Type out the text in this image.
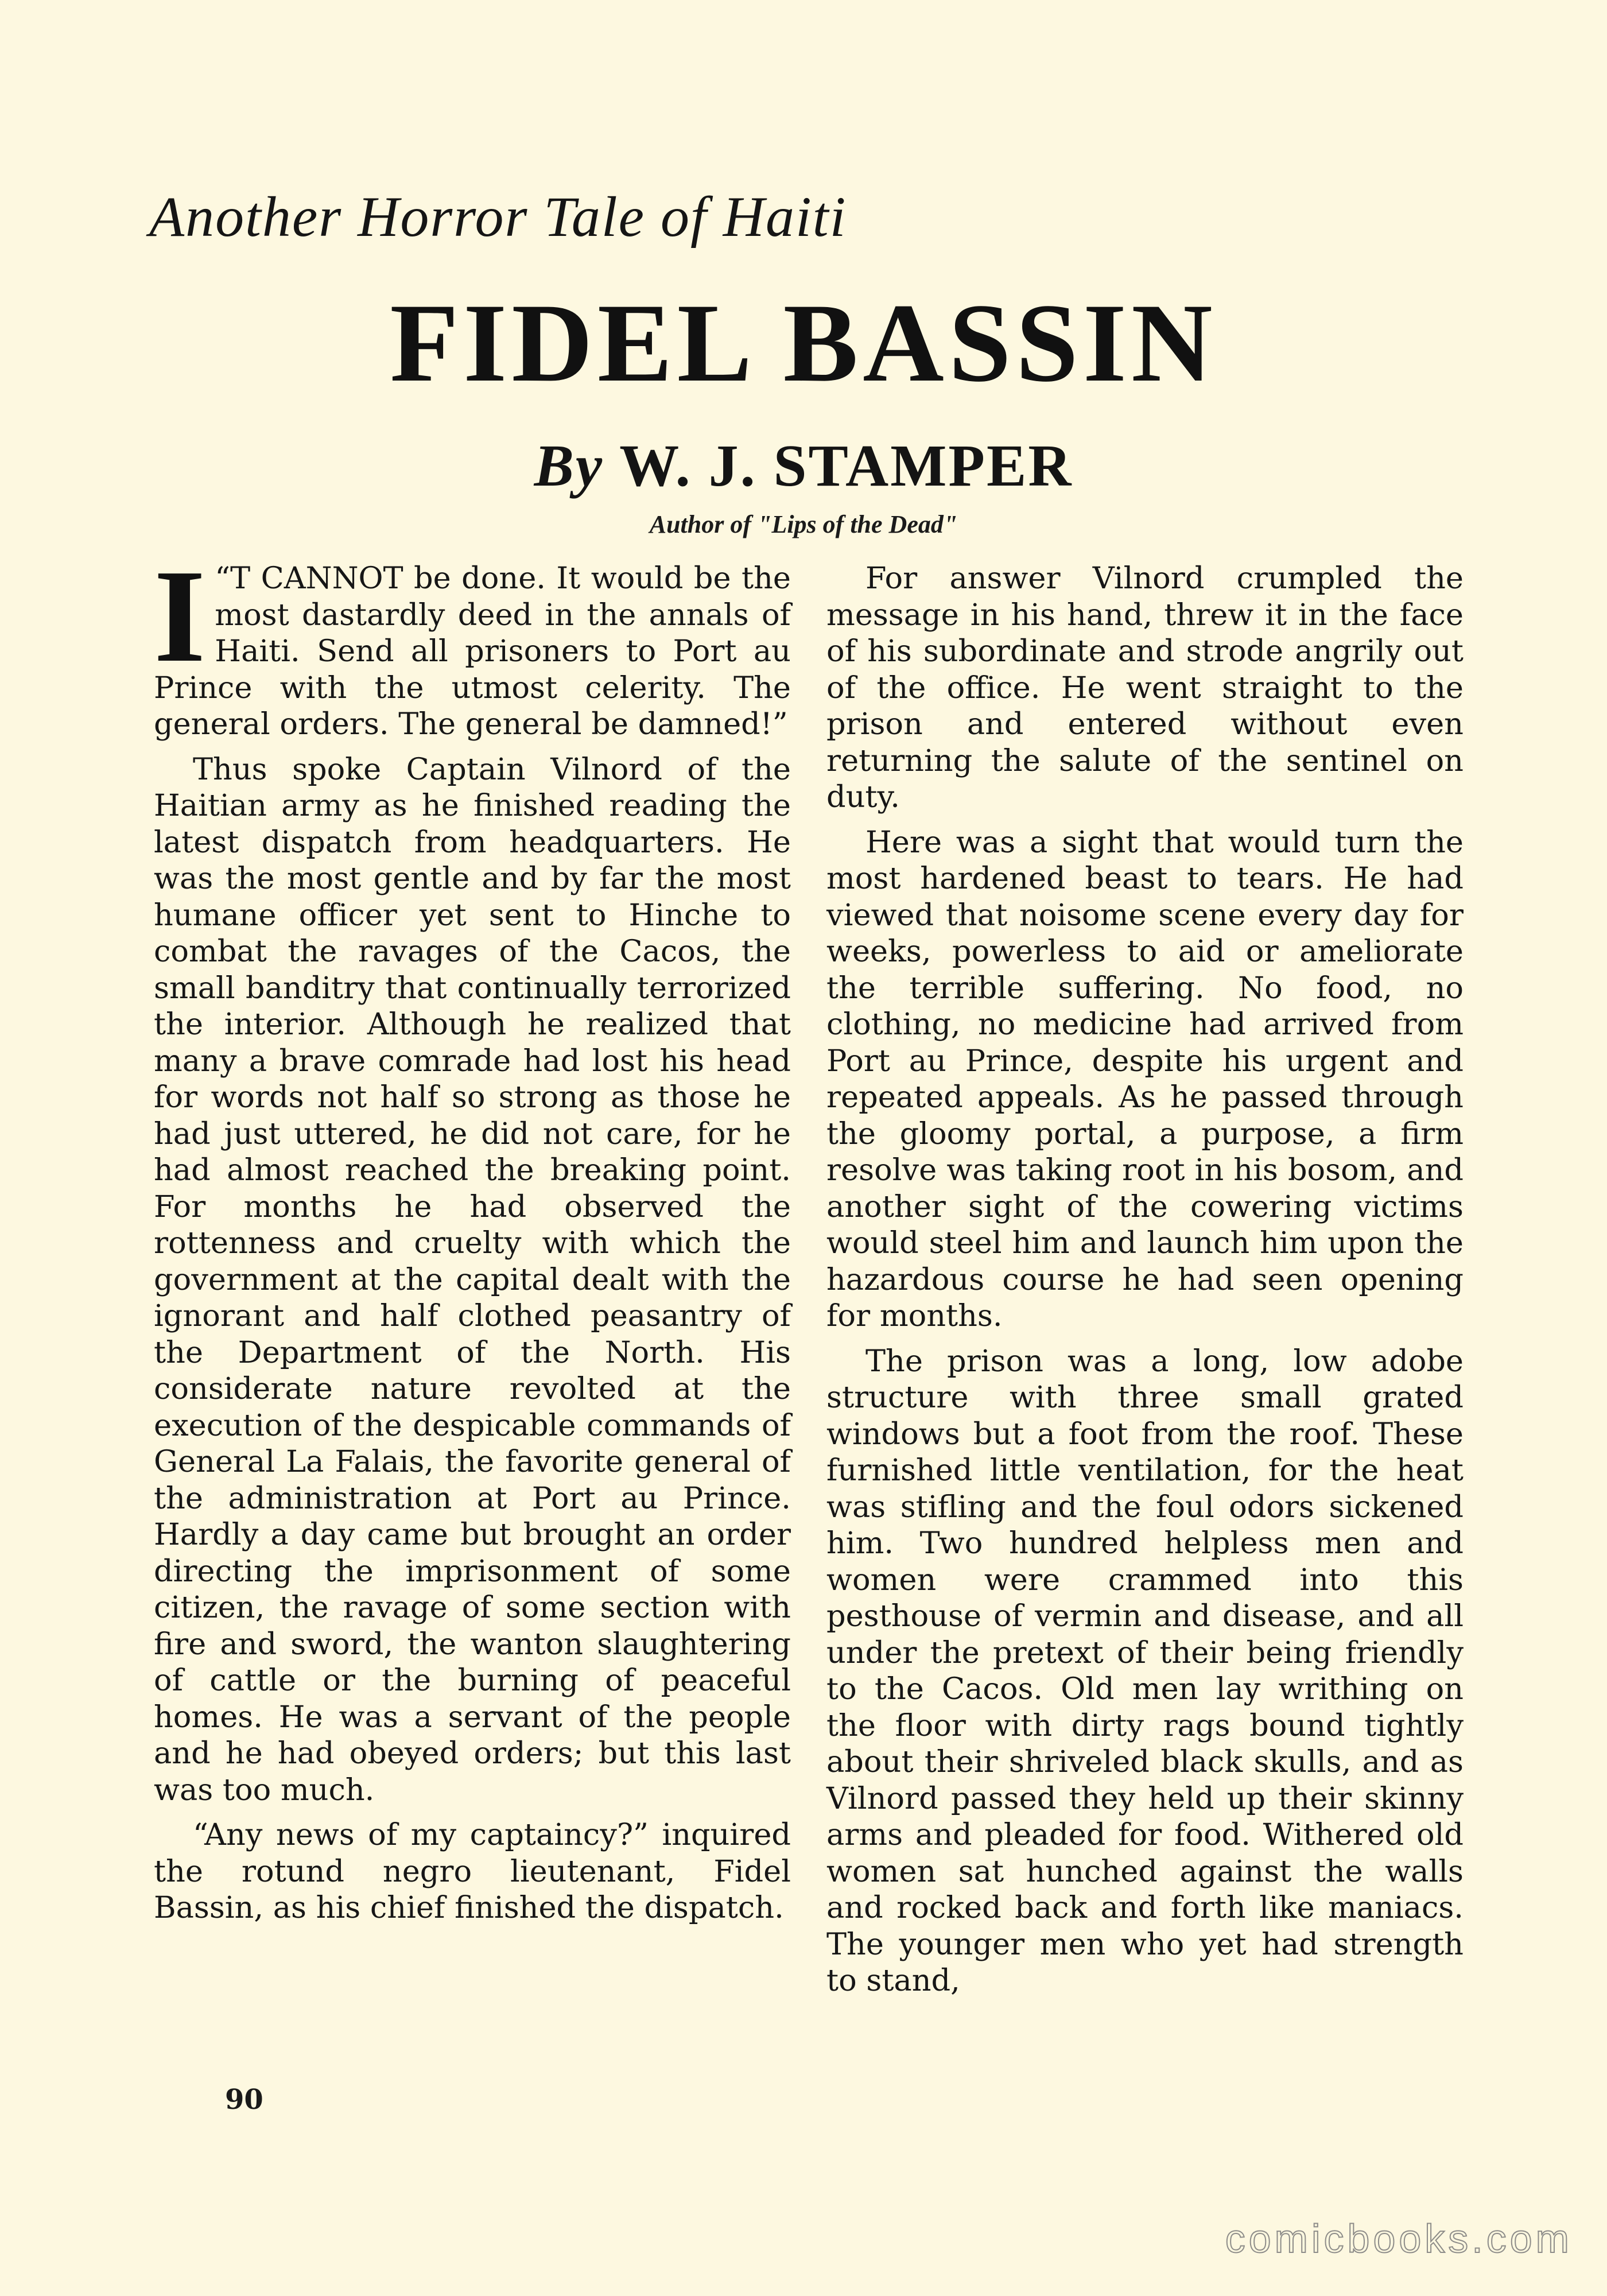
Another Horror Tale of Haiti
FIDEL BASSIN
By W. J. STAMPER
Author of "Lips of the Dead"

I “T CANNOT be done. It would be the most dastardly deed in the annals of Haiti. Send all prisoners to Port au Prince with the utmost celerity. The general orders. The general be damned!”

Thus spoke Captain Vilnord of the Haitian army as he finished reading the latest dispatch from headquarters. He was the most gentle and by far the most humane officer yet sent to Hinche to combat the ravages of the Cacos, the small banditry that continually terrorized the interior. Although he realized that many a brave comrade had lost his head for words not half so strong as those he had just uttered, he did not care, for he had almost reached the breaking point. For months he had observed the rottenness and cruelty with which the government at the capital dealt with the ignorant and half clothed peasantry of the Department of the North. His considerate nature revolted at the execution of the despicable commands of General La Falais, the favorite general of the administration at Port au Prince. Hardly a day came but brought an order directing the imprisonment of some citizen, the ravage of some section with fire and sword, the wanton slaughtering of cattle or the burning of peaceful homes. He was a servant of the people and he had obeyed orders; but this last was too much.

“Any news of my captaincy?” inquired the rotund negro lieutenant, Fidel Bassin, as his chief finished the dispatch.

For answer Vilnord crumpled the message in his hand, threw it in the face of his subordinate and strode angrily out of the office. He went straight to the prison and entered without even returning the salute of the sentinel on duty.

Here was a sight that would turn the most hardened beast to tears. He had viewed that noisome scene every day for weeks, powerless to aid or ameliorate the terrible suffering. No food, no clothing, no medicine had arrived from Port au Prince, despite his urgent and repeated appeals. As he passed through the gloomy portal, a purpose, a firm resolve was taking root in his bosom, and another sight of the cowering victims would steel him and launch him upon the hazardous course he had seen opening for months.

The prison was a long, low adobe structure with three small grated windows but a foot from the roof. These furnished little ventilation, for the heat was stifling and the foul odors sickened him. Two hundred helpless men and women were crammed into this pesthouse of vermin and disease, and all under the pretext of their being friendly to the Cacos. Old men lay writhing on the floor with dirty rags bound tightly about their shriveled black skulls, and as Vilnord passed they held up their skinny arms and pleaded for food. Withered old women sat hunched against the walls and rocked back and forth like maniacs. The younger men who yet had strength to stand,

90
comicbooks.com
